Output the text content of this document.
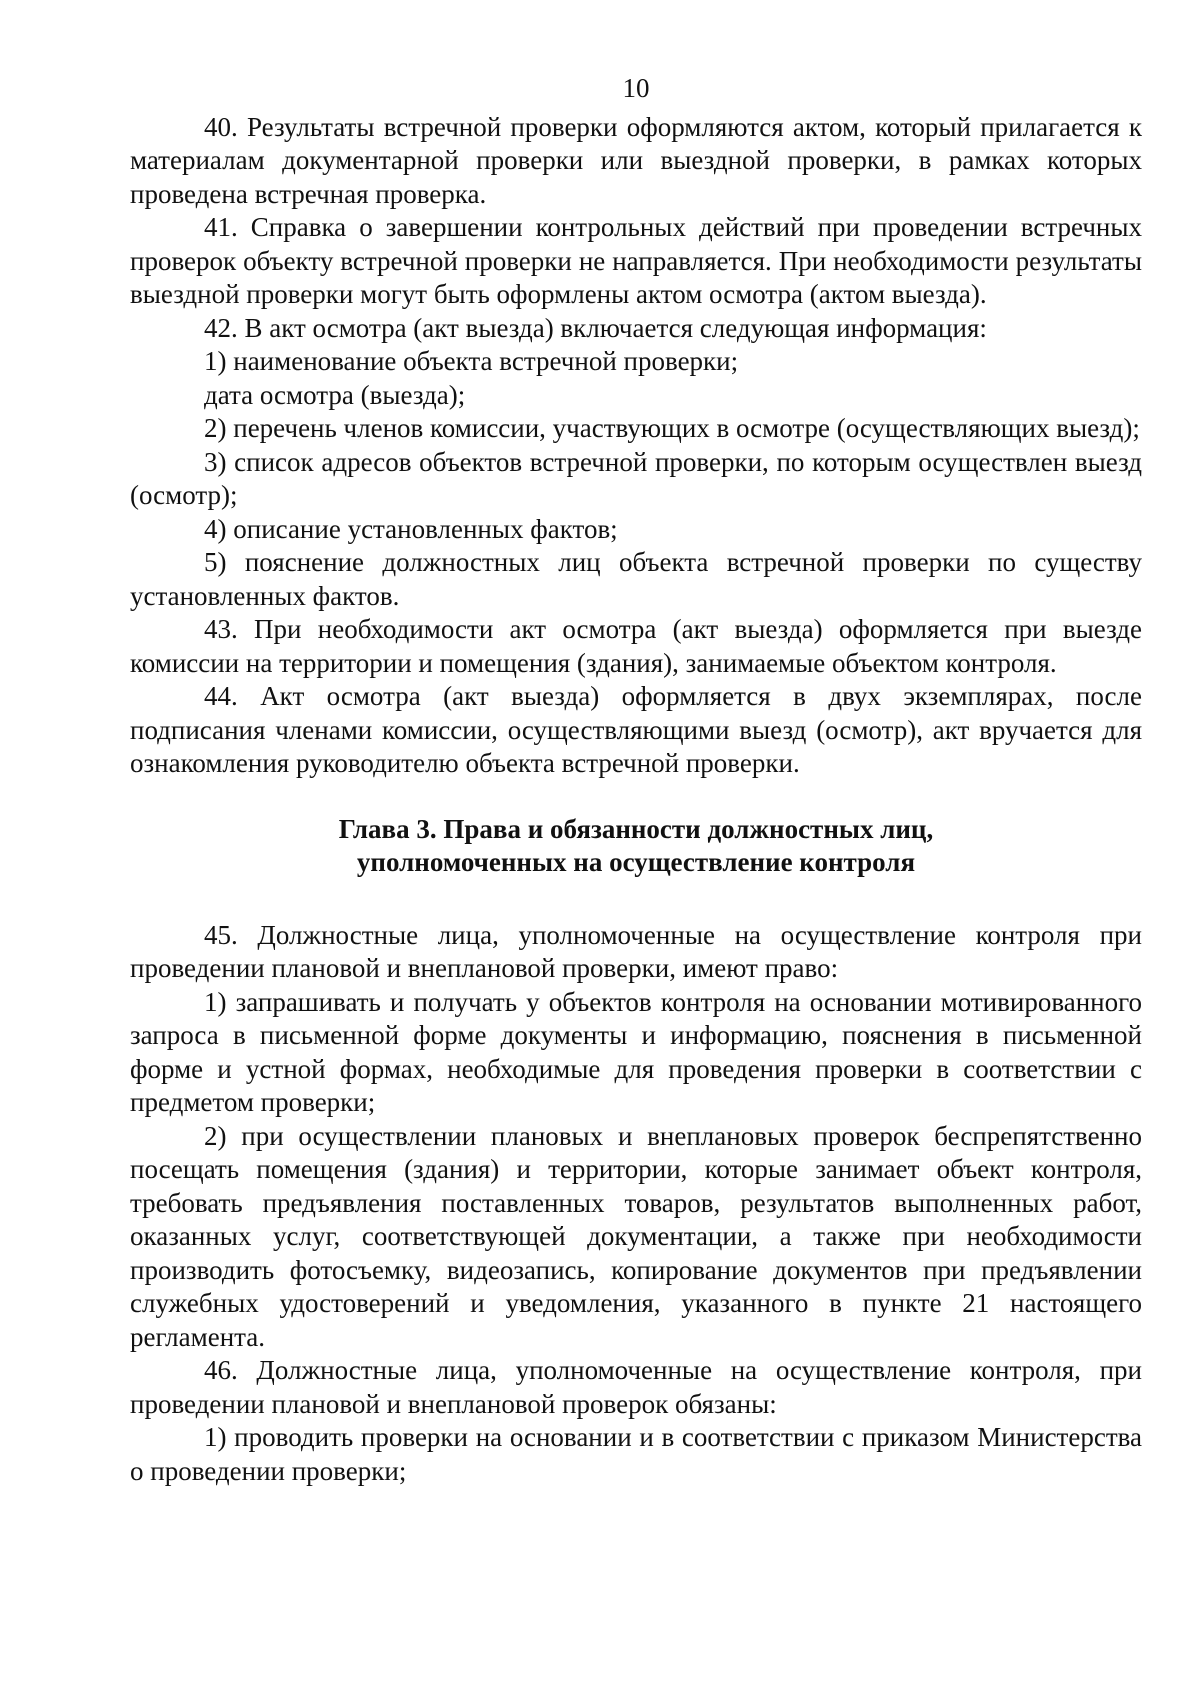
10

40. Результаты встречной проверки оформляются актом, который прилагается к материалам документарной проверки или выездной проверки, в рамках которых проведена встречная проверка.

41. Справка о завершении контрольных действий при проведении встречных проверок объекту встречной проверки не направляется. При необходимости результаты выездной проверки могут быть оформлены актом осмотра (актом выезда).

42. В акт осмотра (акт выезда) включается следующая информация:

1) наименование объекта встречной проверки;

дата осмотра (выезда);

2) перечень членов комиссии, участвующих в осмотре (осуществляющих выезд);

3) список адресов объектов встречной проверки, по которым осуществлен выезд (осмотр);

4) описание установленных фактов;

5) пояснение должностных лиц объекта встречной проверки по существу установленных фактов.

43. При необходимости акт осмотра (акт выезда) оформляется при выезде комиссии на территории и помещения (здания), занимаемые объектом контроля.

44. Акт осмотра (акт выезда) оформляется в двух экземплярах, после подписания членами комиссии, осуществляющими выезд (осмотр), акт вручается для ознакомления руководителю объекта встречной проверки.

Глава 3. Права и обязанности должностных лиц,
уполномоченных на осуществление контроля

45. Должностные лица, уполномоченные на осуществление контроля при проведении плановой и внеплановой проверки, имеют право:

1) запрашивать и получать у объектов контроля на основании мотивированного запроса в письменной форме документы и информацию, пояснения в письменной форме и устной формах, необходимые для проведения проверки в соответствии с предметом проверки;

2) при осуществлении плановых и внеплановых проверок беспрепятственно посещать помещения (здания) и территории, которые занимает объект контроля, требовать предъявления поставленных товаров, результатов выполненных работ, оказанных услуг, соответствующей документации, а также при необходимости производить фотосъемку, видеозапись, копирование документов при предъявлении служебных удостоверений и уведомления, указанного в пункте 21 настоящего регламента.

46. Должностные лица, уполномоченные на осуществление контроля, при проведении плановой и внеплановой проверок обязаны:

1) проводить проверки на основании и в соответствии с приказом Министерства о проведении проверки;
